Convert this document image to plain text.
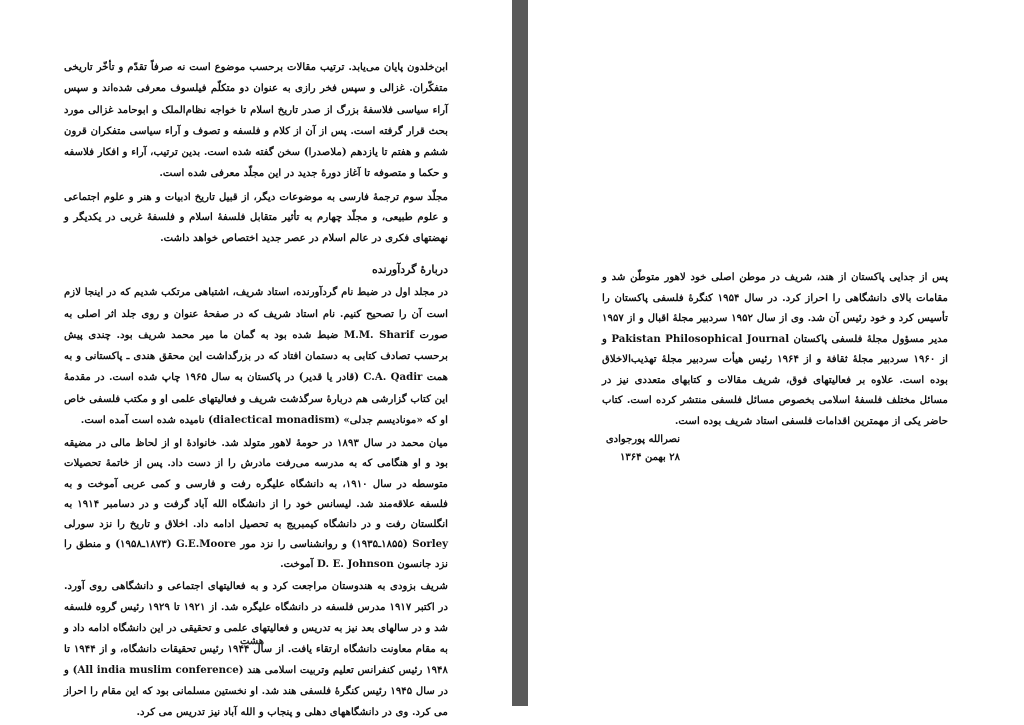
ابن‌خلدون پایان می‌یابد. ترتیب مقالات برحسب موضوع است نه صرفاً تقدّم و تأخّر تاریخی متفکّران. غزالی و سپس فخر رازی به عنوان دو متکلّم فیلسوف معرفی شده‌اند و سپس آراء سیاسی فلاسفهٔ بزرگ از صدر تاریخ اسلام تا خواجه نظام‌الملک و ابوحامد غزالی مورد بحث قرار گرفته است. پس از آن از کلام و فلسفه و تصوف و آراء سیاسی متفکران قرون ششم و هفتم تا یازدهم (ملاصدرا) سخن گفته شده است. بدین ترتیب، آراء و افکار فلاسفه و حکما و متصوفه تا آغاز دورهٔ جدید در این مجلّد معرفی شده است.

مجلّد سوم ترجمهٔ فارسی به موضوعات دیگر، از قبیل تاریخ ادبیات و هنر و علوم اجتماعی و علوم طبیعی، و مجلّد چهارم به تأثیر متقابل فلسفهٔ اسلام و فلسفهٔ غربی در یکدیگر و نهضتهای فکری در عالم اسلام در عصر جدید اختصاص خواهد داشت.

دربارهٔ گردآورنده

در مجلد اول در ضبط نام گردآورنده، استاد شریف، اشتباهی مرتکب شدیم که در اینجا لازم است آن را تصحیح کنیم. نام استاد شریف که در صفحهٔ عنوان و روی جلد اثر اصلی به صورت M.M. Sharif ضبط شده بود به گمان ما میر محمد شریف بود. چندی پیش برحسب تصادف کتابی به دستمان افتاد که در بزرگداشت این محقق هندی ـ پاکستانی و به همت C.A. Qadir (قادر یا قدیر) در پاکستان به سال ۱۹۶۵ چاپ شده است. در مقدمهٔ این کتاب گزارشی هم دربارهٔ سرگذشت شریف و فعالیتهای علمی او و مکتب فلسفی خاص او که «مونادیسم جدلی» (dialectical monadism) نامیده شده است آمده است.

میان محمد در سال ۱۸۹۳ در حومهٔ لاهور متولد شد. خانوادهٔ او از لحاظ مالی در مضیقه بود و او هنگامی که به مدرسه می‌رفت مادرش را از دست داد. پس از خاتمهٔ تحصیلات متوسطه در سال ۱۹۱۰، به دانشگاه علیگره رفت و فارسی و کمی عربی آموخت و به فلسفه علاقه‌مند شد. لیسانس خود را از دانشگاه الله آباد گرفت و در دسامبر ۱۹۱۴ به انگلستان رفت و در دانشگاه کیمبریج به تحصیل ادامه داد. اخلاق و تاریخ را نزد سورلی Sorley (۱۸۵۵ـ۱۹۳۵) و روانشناسی را نزد مور G.E.Moore (۱۸۷۳ـ۱۹۵۸) و منطق را نزد جانسون D. E. Johnson آموخت.

شریف بزودی به هندوستان مراجعت کرد و به فعالیتهای اجتماعی و دانشگاهی روی آورد. در اکتبر ۱۹۱۷ مدرس فلسفه در دانشگاه علیگره شد. از ۱۹۲۱ تا ۱۹۲۹ رئیس گروه فلسفه شد و در سالهای بعد نیز به تدریس و فعالیتهای علمی و تحقیقی در این دانشگاه ادامه داد و به مقام معاونت دانشگاه ارتقاء یافت. از سال ۱۹۴۴ رئیس تحقیقات دانشگاه، و از ۱۹۴۴ تا ۱۹۴۸ رئیس کنفرانس تعلیم وتربیت اسلامی هند (All india muslim conference) و در سال ۱۹۴۵ رئیس کنگرهٔ فلسفی هند شد. او نخستین مسلمانی بود که این مقام را احراز می کرد. وی در دانشگاههای دهلی و پنجاب و الله آباد نیز تدریس می کرد.

هشت

پس از جدایی پاکستان از هند، شریف در موطن اصلی خود لاهور متوطّن شد و مقامات بالای دانشگاهی را احراز کرد. در سال ۱۹۵۴ کنگرهٔ فلسفی پاکستان را تأسیس کرد و خود رئیس آن شد. وی از سال ۱۹۵۲ سردبیر مجلهٔ اقبال و از ۱۹۵۷ مدیر مسؤول مجلهٔ فلسفی پاکستان Pakistan Philosophical Journal و از ۱۹۶۰ سردبیر مجلهٔ ثقافة و از ۱۹۶۴ رئیس هیأت سردبیر مجلهٔ تهذیب‌الاخلاق بوده است. علاوه بر فعالیتهای فوق، شریف مقالات و کتابهای متعددی نیز در مسائل مختلف فلسفهٔ اسلامی بخصوص مسائل فلسفی منتشر کرده است. کتاب حاضر یکی از مهمترین اقدامات فلسفی استاد شریف بوده است.

نصرالله پورجوادی
۲۸ بهمن ۱۳۶۴
